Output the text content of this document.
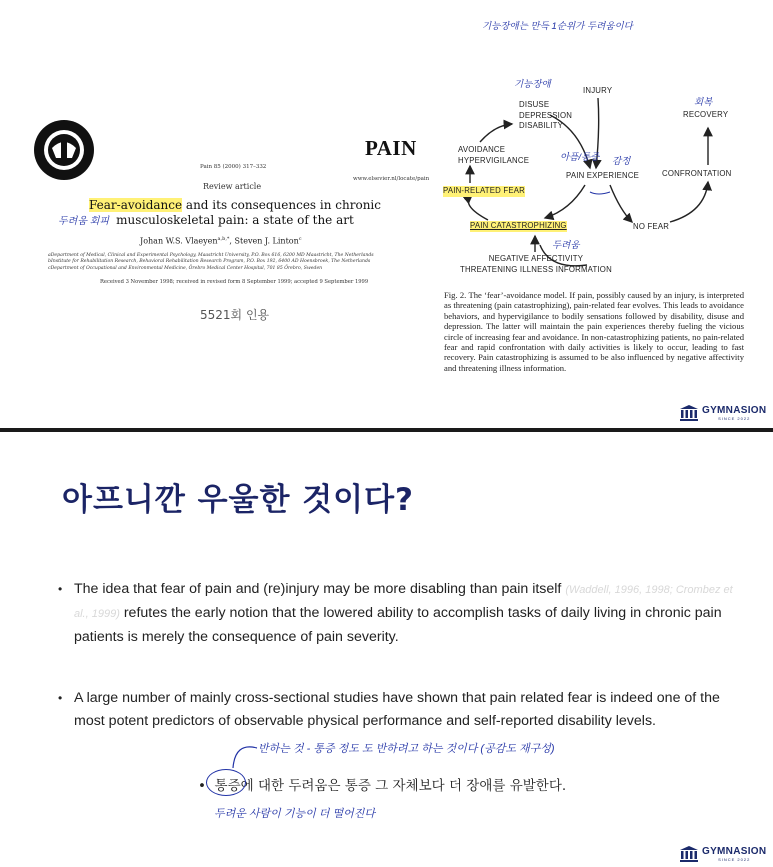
PAIN
www.elsevier.nl/locate/pain
Pain 85 (2000) 317–332
Review article
Fear-avoidance and its consequences in chronic musculoskeletal pain: a state of the art
Johan W.S. Vlaeyen$^{a,b,*}$, Steven J. Linton$^c$
aDepartment of Medical, Clinical and Experimental Psychology, Maastricht University, P.O. Box 616, 6200 MD Maastricht, The Netherlands
bInstitute for Rehabilitation Research, Behavioral Rehabilitation Research Program, P.O. Box 192, 6400 AD Hoensbroek, The Netherlands
cDepartment of Occupational and Environmental Medicine, Örebro Medical Center Hospital, 701 85 Örebro, Sweden
Received 3 November 1998; received in revised form 8 September 1999; accepted 9 September 1999
두려움 회피
5521회 인용
INJURY
DISUSE
DEPRESSION
DISABILITY
AVOIDANCE
HYPERVIGILANCE
PAIN EXPERIENCE	CONFRONTATION
RECOVERY
PAIN-RELATED FEAR
PAIN CATASTROPHIZING	NO FEAR
NEGATIVE AFFECTIVITY
THREATENING ILLNESS INFORMATION
기능장애는 만득 1순위가 두려움이다
기능장애
회복
아픔/통증 감정
두려움
Fig. 2. The ‘fear’-avoidance model. If pain, possibly caused by an injury, is interpreted as threatening (pain catastrophizing), pain-related fear evolves. This leads to avoidance behaviors, and hypervigilance to bodily sensations followed by disability, disuse and depression. The latter will maintain the pain experiences thereby fueling the vicious circle of increasing fear and avoidance. In non-catastrophizing patients, no pain-related fear and rapid confrontation with daily activities is likely to occur, leading to fast recovery. Pain catastrophizing is assumed to be also influenced by negative affectivity and threatening illness information.
GYMNASION
SINCE 2022
아프니깐 우울한 것이다?
• The idea that fear of pain and (re)injury may be more disabling than pain itself (Waddell, 1996, 1998; Crombez et al., 1999) refutes the early notion that the lowered ability to accomplish tasks of daily living in chronic pain patients is merely the consequence of pain severity.
• A large number of mainly cross-sectional studies have shown that pain related fear is indeed one of the most potent predictors of observable physical performance and self-reported disability levels.
반하는 것 - 통증 정도 도 반하려고 하는 것이다 (공감도 재구성)
•  통증에 대한 두려움은 통증 그 자체보다 더 장애를 유발한다.
두려운 사람이 기능이 더 떨어진다
GYMNASION
SINCE 2022
